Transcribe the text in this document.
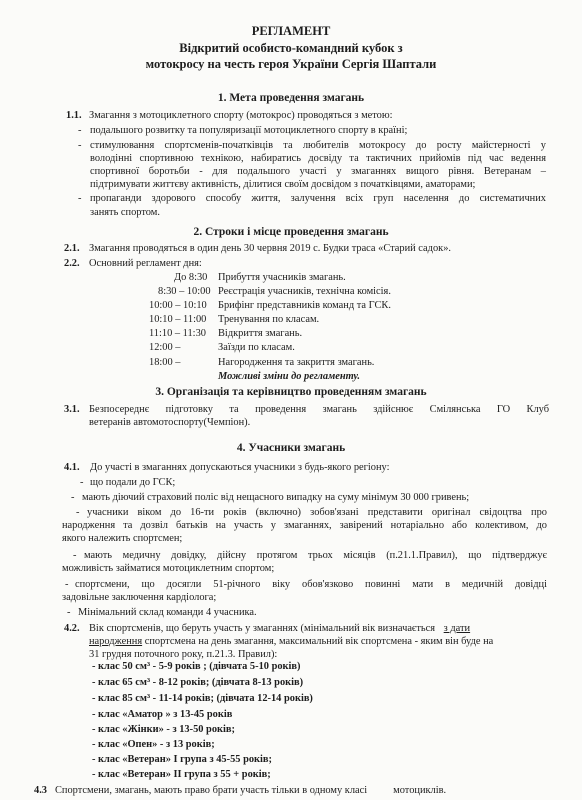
РЕГЛАМЕНТ
Відкритий особисто-командний кубок з
мотокросу на честь героя України Сергія Шаптали
1. Мета проведення змагань
1.1. Змагання з мотоциклетного спорту (мотокрос) проводяться з метою:
- подальшого розвитку та популяризації мотоциклетного спорту в країні;
- стимулювання спортсменів-початківців та любителів мотокросу до росту майстерності у
володінні спортивною технікою, набиратись досвіду та тактичних прийомів під час ведення
спортивної боротьби - для подальшого участі у змаганнях вищого рівня. Ветеранам –
підтримувати життєву активність, ділитися своїм досвідом з початківцями, аматорами;
- пропаганди здорового способу життя, залучення всіх груп населення до систематичних
занять спортом.
2. Строки і місце проведення змагань
2.1. Змагання проводяться в один день 30 червня 2019 с. Будки траса «Старий садок».
2.2. Основний регламент дня:
До 8:30 Прибуття учасників змагань.
8:30 – 10:00 Реєстрація учасників, технічна комісія.
10:00 – 10:10 Брифінг представників команд та ГСК.
10:10 – 11:00 Тренування по класам.
11:10 – 11:30 Відкриття змагань.
12:00 –	Заїзди по класам.
18:00 –	Нагородження та закриття змагань.
Можливі зміни до регламенту.
3. Організація та керівництво проведенням змагань
3.1. Безпосереднє підготовку та проведення змагань здійснює Смілянська ГО Клуб
ветеранів автомотоспорту(Чемпіон).
4. Учасники змагань
4.1. До участі в змаганнях допускаються учасники з будь-якого регіону:
- що подали до ГСК;
- мають діючий страховий поліс від нещасного випадку на суму мінімум 30 000 гривень;
- учасники віком до 16-ти років (включно) зобов'язані представити оригінал свідоцтва про
народження та дозвіл батьків на участь у змаганнях, завірений нотаріально або колективом, до
якого належить спортсмен;
- мають медичну довідку, дійсну протягом трьох місяців (п.21.1.Правил), що підтверджує
можливість займатися мотоциклетним спортом;
- спортсмени, що досягли 51-річного віку обов'язково повинні мати в медичній довідці
задовільне заключення кардіолога;
- Мінімальний склад команди 4 учасника.
4.2. Вік спортсменів, що беруть участь у змаганнях (мінімальний вік визначається з дати
народження спортсмена на день змагання, максимальний вік спортсмена - яким він буде на
31 грудня поточного року, п.21.3. Правил):
- клас 50 см³ - 5-9 років ; (дівчата 5-10 років)
- клас 65 см³ - 8-12 років; (дівчата 8-13 років)
- клас 85 см³ - 11-14 років; (дівчата 12-14 років)
- клас «Аматор » з 13-45 років
- клас «Жінки» - з 13-50 років;
- клас «Опен» - з 13 років;
- клас «Ветеран» I група з 45-55 років;
- клас «Ветеран» II група з 55 + років;
4.3 Спортсмени, змагань, мають право брати участь тільки в одному класі	мотоциклів.
